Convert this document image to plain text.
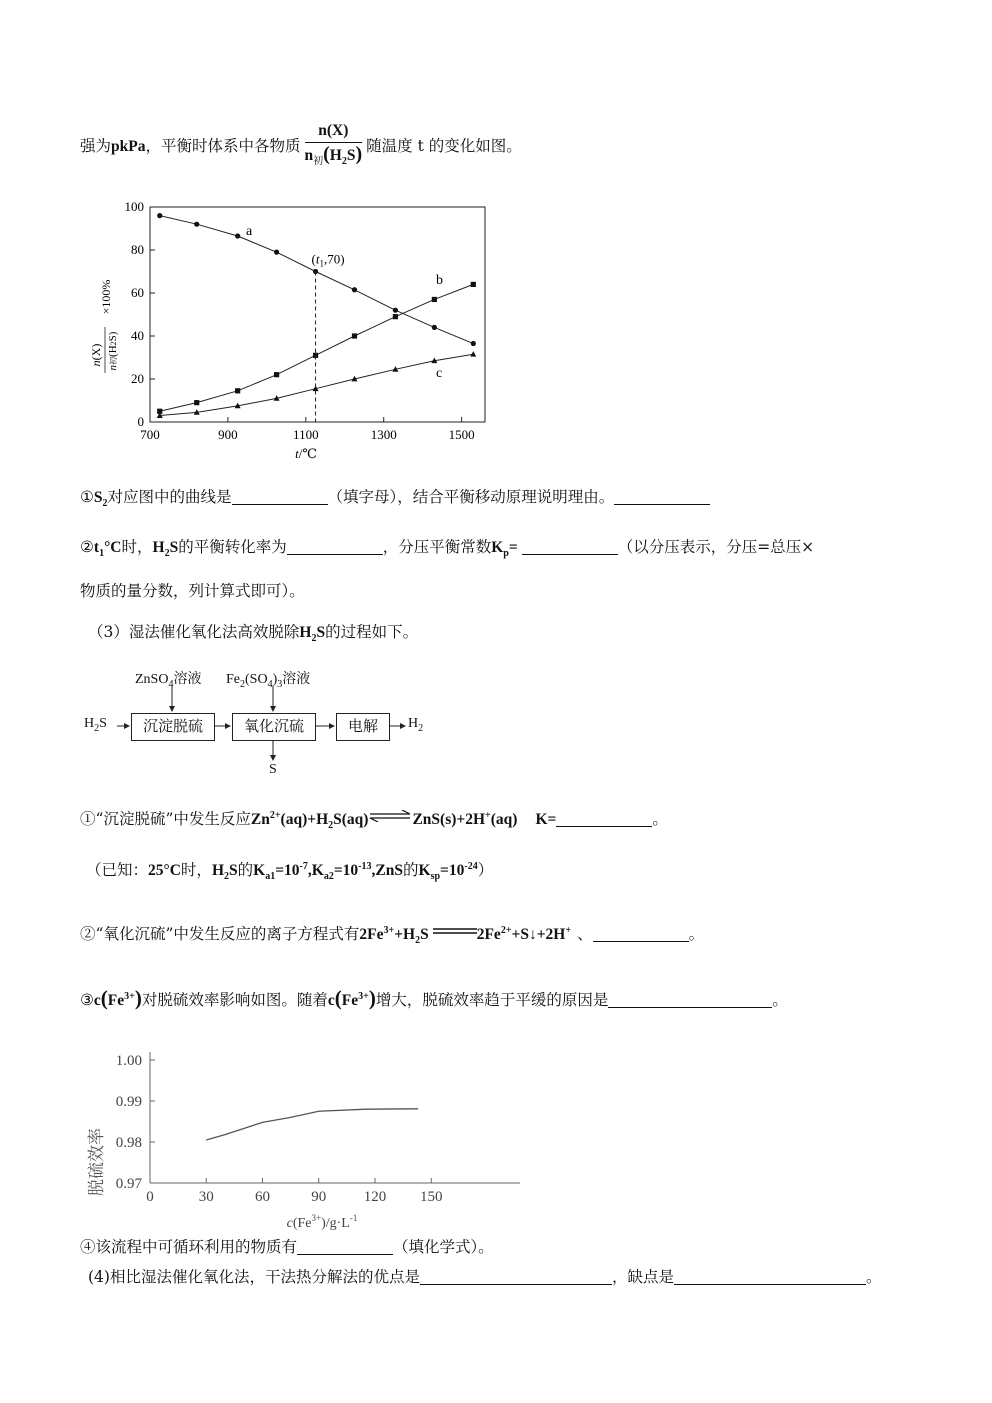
强为pkPa，平衡时体系中各物质 $\frac{n(X)}{n_初(H_2S)}$ 随温度 t 的变化如图。
0
20
40
60
80
100
700	900	1100	1300	1500
$(t_1,70)$
a
b
c
t/℃
n(X)
n初(H2S)
×100%
$①S_2$对应图中的曲线是	（填字母），结合平衡移动原理说明理由。
$②t_1^\circ C$时，$H_2S$的平衡转化率为	，分压平衡常数$K_p=$	（以分压表示，分压=总压×
物质的量分数，列计算式即可）。
（3）湿法催化氧化法高效脱除$H_2S$的过程如下。
ZnSO$_4$溶液 $Fe_2(SO_4)_3$溶液
$H_2S$	沉淀脱硫	氧化沉硫	电解
S
$H_2$
①“沉淀脱硫”中发生反应$Zn^{2+}(aq)+H_2S(aq)\rightleftharpoons ZnS(s)+2H^+(aq)$ K=	。
（已知：25°C时，$H_2S$的$K_{a1}=10^{-7},K_{a2}=10^{-13},ZnS$的$K_{sp}=10^{-24}$）
②“氧化沉硫”中发生反应的离子方程式有$2Fe^{3+}+H_2S$	$2Fe^{2+}+S↓+2H^+$ 、	。
$③c(Fe^{3+})$对脱硫效率影响如图。随着$c(Fe^{3+})$增大，脱硫效率趋于平缓的原因是	。
0.97
0.98
0.99
1.00
0	30	60	90	120 150
脱硫效率
$c(Fe^{3+})/g\cdot L^{-1}$
④该流程中可循环利用的物质有	（填化学式）。
(4)相比湿法催化氧化法，干法热分解法的优点是	，缺点是	。
